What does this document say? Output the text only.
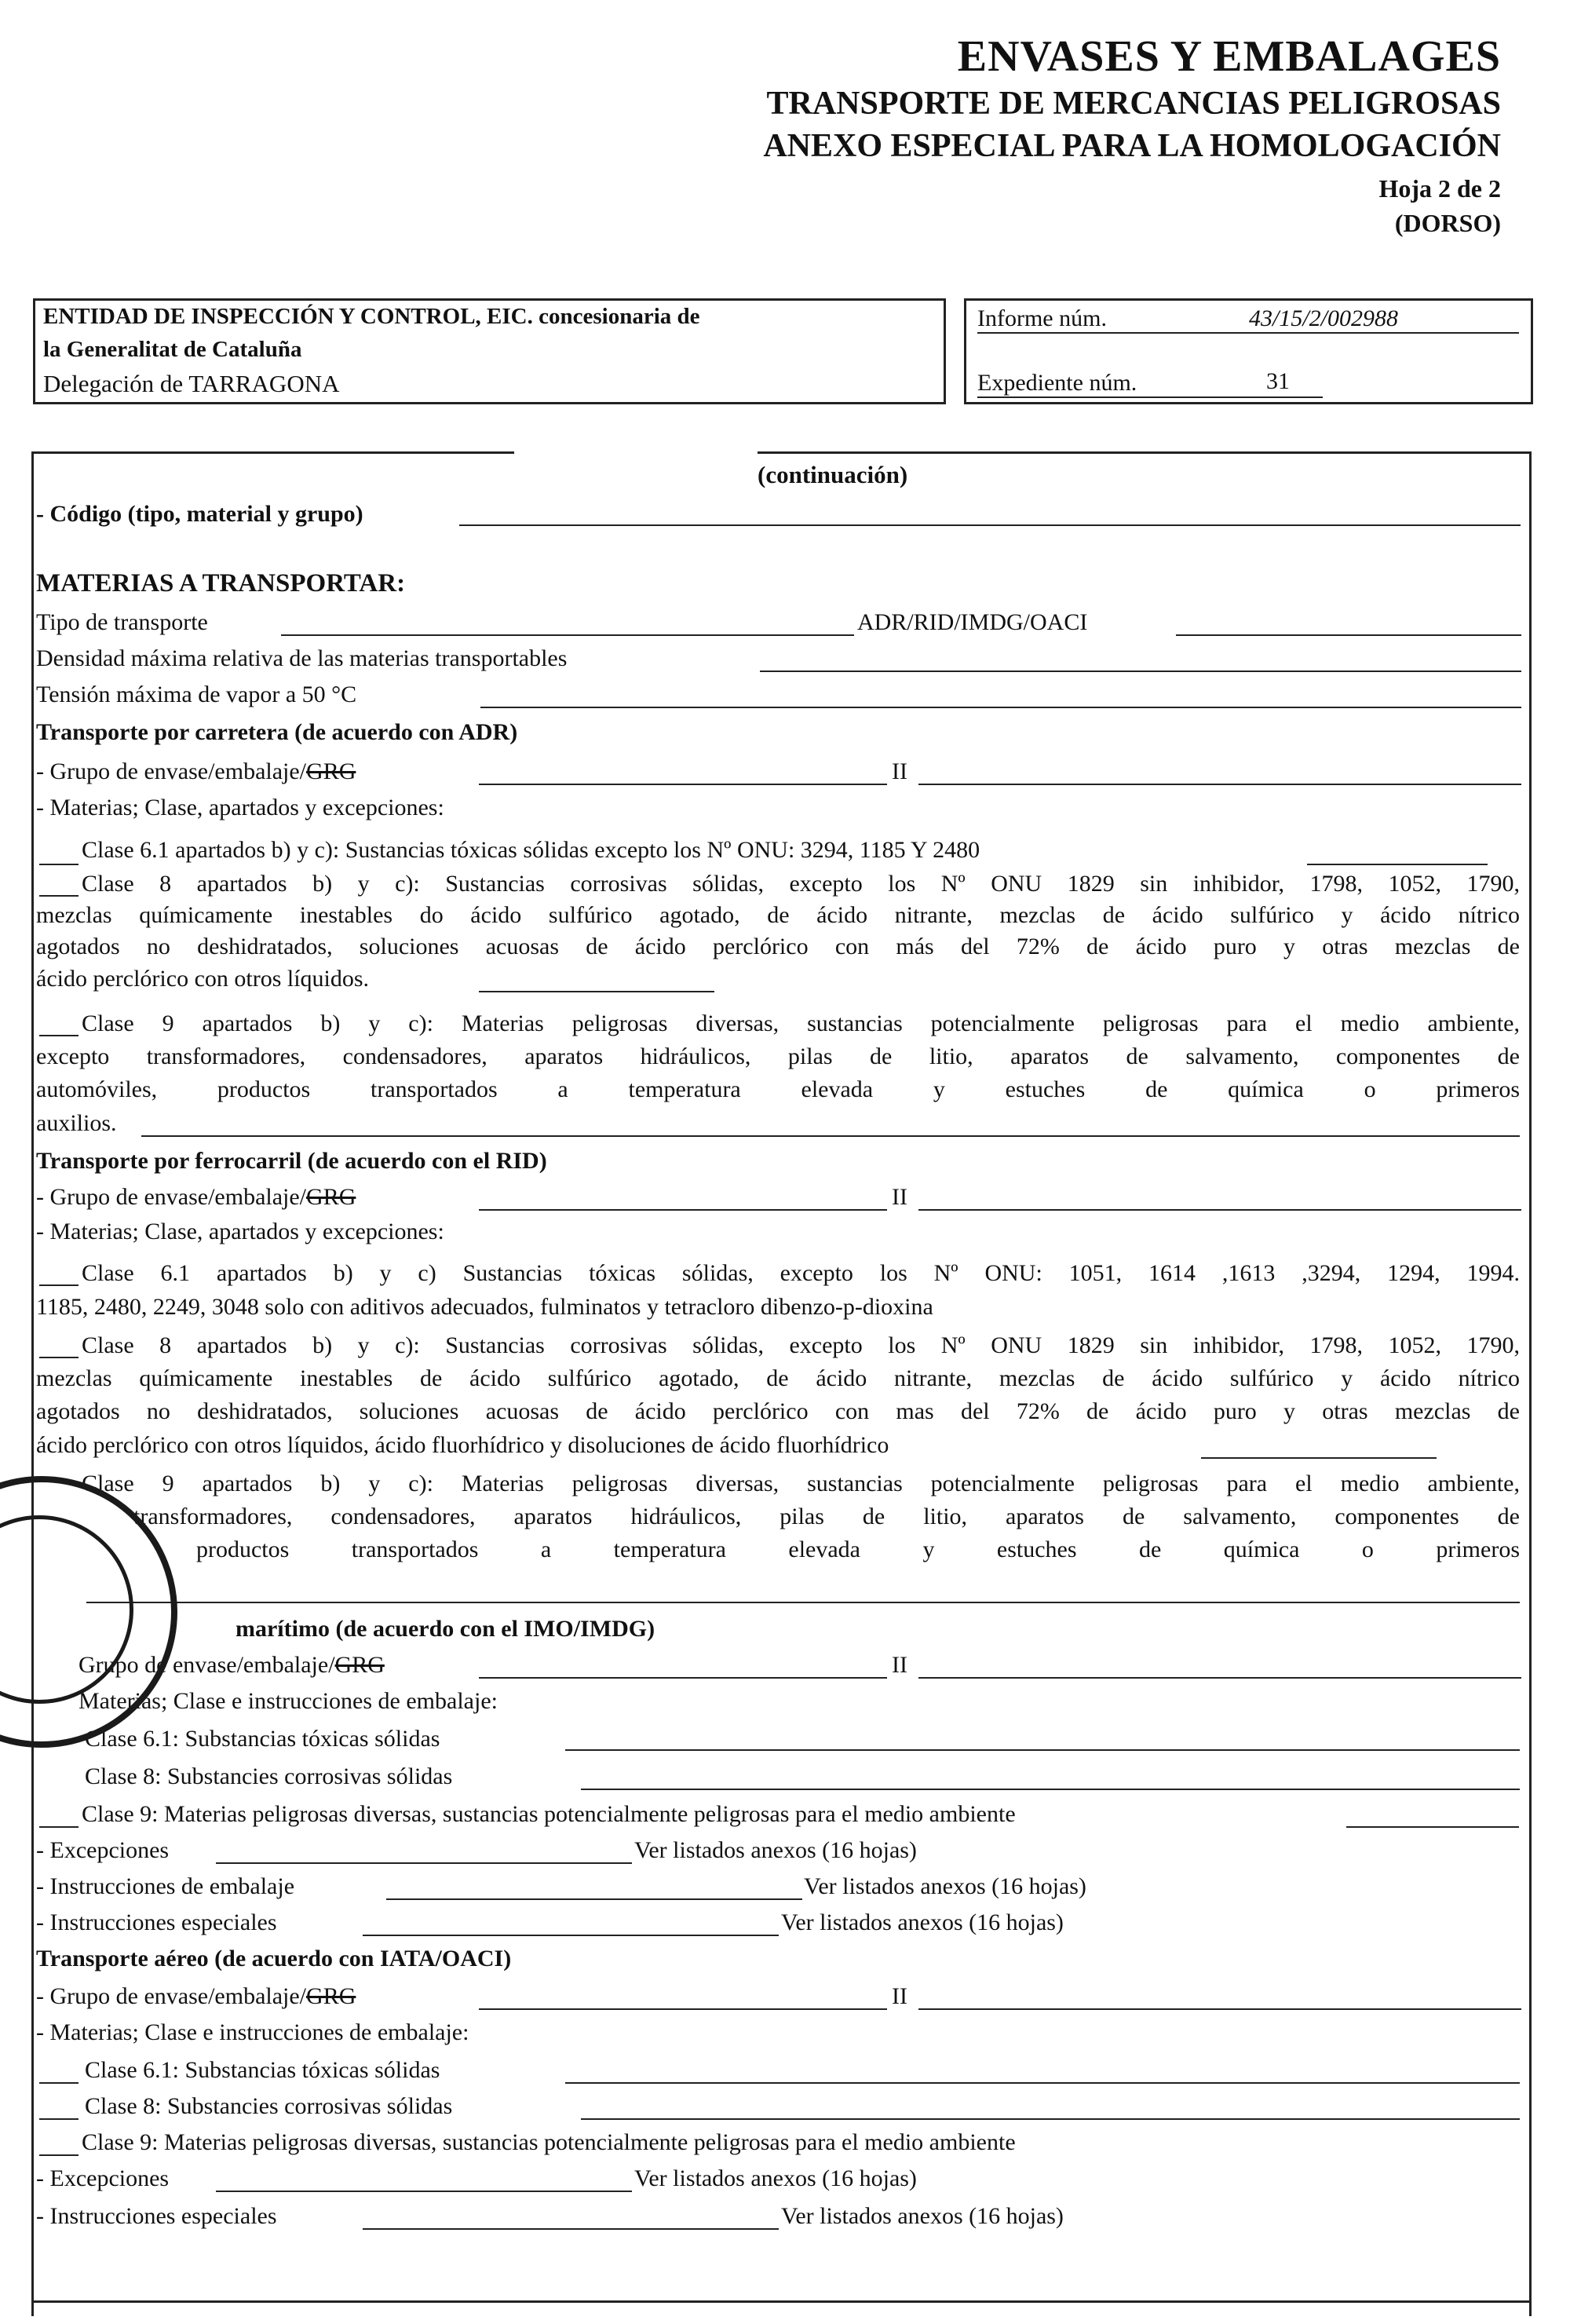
ENVASES Y EMBALAGES
TRANSPORTE DE MERCANCIAS PELIGROSAS
ANEXO ESPECIAL PARA LA HOMOLOGACIÓN
Hoja 2 de 2
(DORSO)
ENTIDAD DE INSPECCIÓN Y CONTROL, EIC. concesionaria de
la Generalitat de Cataluña
Delegación de TARRAGONA
Informe núm.	43/15/2/002988
Expediente núm.	31
(continuación)
- Código (tipo, material y grupo)
MATERIAS A TRANSPORTAR:
Tipo de transporte	ADR/RID/IMDG/OACI
Densidad máxima relativa de las materias transportables
Tensión máxima de vapor a 50 °C
Transporte por carretera (de acuerdo con ADR)
- Grupo de envase/embalaje/GRG	II
- Materias; Clase, apartados y excepciones:
Clase 6.1 apartados b) y c): Sustancias tóxicas sólidas excepto los Nº ONU: 3294, 1185 Y 2480
Clase 8 apartados b) y c): Sustancias corrosivas sólidas, excepto los Nº ONU 1829 sin inhibidor, 1798, 1052, 1790,
mezclas químicamente inestables do ácido sulfúrico agotado, de ácido nitrante, mezclas de ácido sulfúrico y ácido nítrico
agotados no deshidratados, soluciones acuosas de ácido perclórico con más del 72% de ácido puro y otras mezclas de
ácido perclórico con otros líquidos.
Clase 9 apartados b) y c): Materias peligrosas diversas, sustancias potencialmente peligrosas para el medio ambiente,
excepto transformadores, condensadores, aparatos hidráulicos, pilas de litio, aparatos de salvamento, componentes de
automóviles, productos transportados a temperatura elevada y estuches de química o primeros
auxilios.
Transporte por ferrocarril (de acuerdo con el RID)
- Grupo de envase/embalaje/GRG	II
- Materias; Clase, apartados y excepciones:
Clase 6.1 apartados b) y c) Sustancias tóxicas sólidas, excepto los Nº ONU: 1051, 1614 ,1613 ,3294, 1294, 1994.
1185, 2480, 2249, 3048 solo con aditivos adecuados, fulminatos y tetracloro dibenzo-p-dioxina
Clase 8 apartados b) y c): Sustancias corrosivas sólidas, excepto los Nº ONU 1829 sin inhibidor, 1798, 1052, 1790,
mezclas químicamente inestables de ácido sulfúrico agotado, de ácido nitrante, mezclas de ácido sulfúrico y ácido nítrico
agotados no deshidratados, soluciones acuosas de ácido perclórico con mas del 72% de ácido puro y otras mezclas de
ácido perclórico con otros líquidos, ácido fluorhídrico y disoluciones de ácido fluorhídrico
Clase 9 apartados b) y c): Materias peligrosas diversas, sustancias potencialmente peligrosas para el medio ambiente,
transformadores, condensadores, aparatos hidráulicos, pilas de litio, aparatos de salvamento, componentes de
productos transportados a temperatura elevada y estuches de química o primeros
marítimo (de acuerdo con el IMO/IMDG)
Grupo de envase/embalaje/GRG	II
Materias; Clase e instrucciones de embalaje:
Clase 6.1: Substancias tóxicas sólidas
Clase 8: Substancies corrosivas sólidas
Clase 9: Materias peligrosas diversas, sustancias potencialmente peligrosas para el medio ambiente
- Excepciones	Ver listados anexos (16 hojas)
- Instrucciones de embalaje	Ver listados anexos (16 hojas)
- Instrucciones especiales	Ver listados anexos (16 hojas)
Transporte aéreo (de acuerdo con IATA/OACI)
- Grupo de envase/embalaje/GRG	II
- Materias; Clase e instrucciones de embalaje:
Clase 6.1: Substancias tóxicas sólidas
Clase 8: Substancies corrosivas sólidas
Clase 9: Materias peligrosas diversas, sustancias potencialmente peligrosas para el medio ambiente
- Excepciones	Ver listados anexos (16 hojas)
- Instrucciones especiales	Ver listados anexos (16 hojas)
